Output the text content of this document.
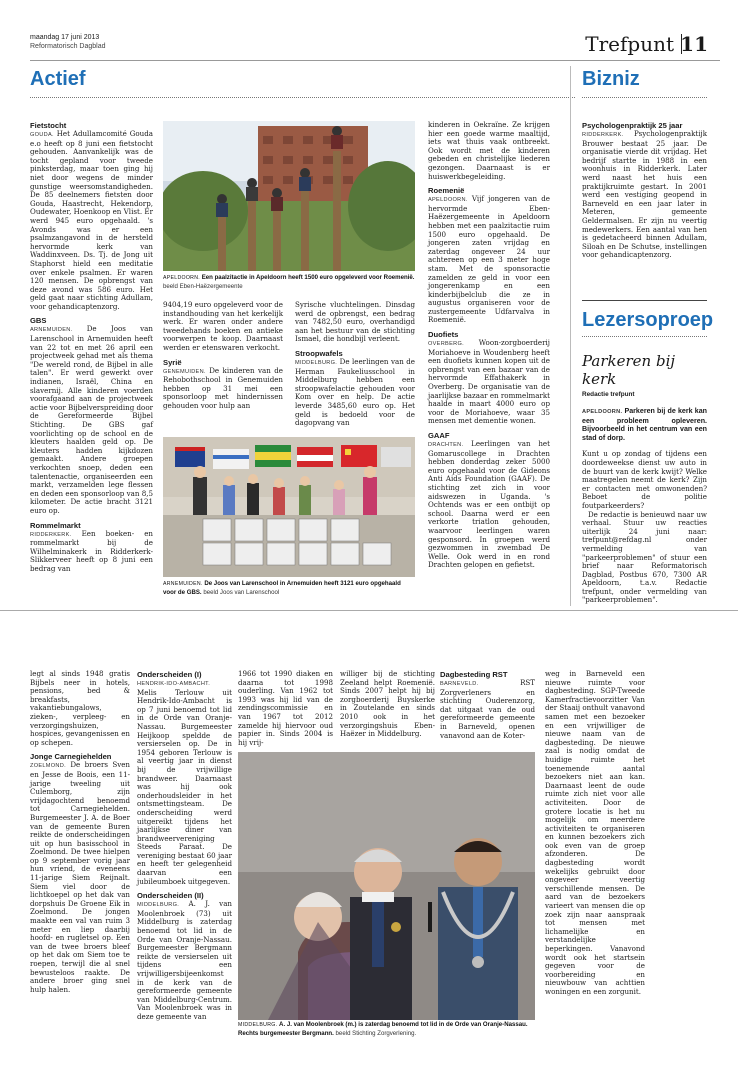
maandag 17 juni 2013
Reformatorisch Dagblad	Trefpunt 11
Actief
Fietstocht
GOUDA. Het Adullamcomité Gouda e.o heeft op 8 juni een fietstocht gehouden. Aanvankelijk was de tocht gepland voor tweede pinksterdag, maar toen ging hij niet door wegens de minder gunstige weersomstandigheden. De 85 deelnemers fietsten door Gouda, Haastrecht, Hekendorp, Oudewater, Hoenkoop en Vlist. Er werd 945 euro opgehaald. 's Avonds was er een psalmzangavond in de hersteld hervormde kerk van Waddinxveen. Ds. Tj. de Jong uit Staphorst hield een meditatie over enkele psalmen. Er waren 120 mensen. De opbrengst van deze avond was 586 euro. Het geld gaat naar stichting Adullam, voor gehandicaptenzorg.
GBS
ARNEMUIDEN. De Joos van Larenschool in Arnemuiden heeft van 22 tot en met 26 april een projectweek gehad met als thema "De wereld rond, de Bijbel in alle talen". Er werd gewerkt over indianen, Israël, China en slavernij. Alle kinderen voerden voorafgaand aan de projectweek actie voor Bijbelverspreiding door de Gereformeerde Bijbel Stichting. De GBS gaf voorlichting op de school en de kleuters haalden geld op. De kleuters hadden kijkdozen gemaakt. Andere groepen verkochten snoep, deden een talentenactie, organiseerden een markt, verzamelden lege flessen en deden een sponsorloop van 8,5 kilometer. De actie bracht 3121 euro op.
Rommelmarkt
RIDDERKERK. Een boeken- en rommelmarkt bij de Wilhelminakerk in Ridderkerk-Slikkerveer heeft op 8 juni een bedrag van
APELDOORN. Een paalzitactie in Apeldoorn heeft 1500 euro opgeleverd voor Roemenië. beeld Eben-Haëzergemeente
9404,19 euro opgeleverd voor de instandhouding van het kerkelijk werk. Er waren onder andere tweedehands boeken en antieke voorwerpen te koop. Daarnaast werden er etenswaren verkocht.
Syrië
GENEMUIDEN. De kinderen van de Rehobothschool in Genemuiden hebben op 31 mei een sponsorloop met hindernissen gehouden voor hulp aan
Syrische vluchtelingen. Dinsdag werd de opbrengst, een bedrag van 7482,50 euro, overhandigd aan het bestuur van de stichting Ismael, die hondbijl verleent.
Stroopwafels
MIDDELBURG. De leerlingen van de Herman Faukeliusschool in Middelburg hebben een stroopwafelactie gehouden voor Kom over en help. De actie leverde 3485,60 euro op. Het geld is bedoeld voor de dagopvang van
kinderen in Oekraïne. Ze krijgen hier een goede warme maaltijd, iets wat thuis vaak ontbreekt. Ook wordt met de kinderen gebeden en christelijke liederen gezongen. Daarnaast is er huiswerkbegeleiding.
Roemenië
APELDOORN. Vijf jongeren van de hervormde Eben-Haëzergemeente in Apeldoorn hebben met een paalzitactie ruim 1500 euro opgehaald. De jongeren zaten vrijdag en zaterdag ongeveer 24 uur achtereen op een 3 meter hoge stam. Met de sponsoractie zamelden ze geld in voor een jongerenkamp en een kinderbijbelclub die ze in augustus organiseren voor de zustergemeente Udfarvalva in Roemenië.
Duofiets
OVERBERG. Woon-zorgboerderij Moriahoeve in Woudenberg heeft een duofiets kunnen kopen uit de opbrengst van een bazaar van de hervormde Effathakerk in Overberg. De organisatie van de jaarlijkse bazaar en rommelmarkt haalde in maart 4000 euro op voor de Moriahoeve, waar 35 mensen met dementie wonen.
GAAF
DRACHTEN. Leerlingen van het Gomaruscollege in Drachten hebben donderdag zeker 5000 euro opgehaald voor de Gideons Anti Aids Foundation (GAAF). De stichting zet zich in voor aidswezen in Uganda. 's Ochtends was er een ontbijt op school. Daarna werd er een verkorte triatlon gehouden, waarvoor leerlingen waren gesponsord. In groepen werd gezwommen in zwembad De Welle. Ook werd in en rond Drachten gelopen en gefietst.
ARNEMUIDEN. De Joos van Larenschool in Arnemuiden heeft 3121 euro opgehaald voor de GBS. beeld Joos van Larenschool
Bizniz
Psychologenpraktijk 25 jaar
RIDDERKERK. Psychologenpraktijk Brouwer bestaat 25 jaar. De organisatie vierde dit vrijdag. Het bedrijf startte in 1988 in een woonhuis in Ridderkerk. Later werd naast het huis een praktijkruimte gestart. In 2001 werd een vestiging geopend in Barneveld en een jaar later in Meteren, gemeente Geldermalsen. Er zijn nu veertig medewerkers. Een aantal van hen is gedetacheerd binnen Adullam, Siloah en De Schutse, instellingen voor gehandicaptenzorg.
Lezersoproep
Parkeren bij kerk
Redactie trefpunt
APELDOORN. Parkeren bij de kerk kan een probleem opleveren. Bijvoorbeeld in het centrum van een stad of dorp.
Kunt u op zondag of tijdens een doordeweekse dienst uw auto in de buurt van de kerk kwijt? Welke maatregelen neemt de kerk? Zijn er contacten met omwonenden? Beboet de politie foutparkeerders?
De redactie is benieuwd naar uw verhaal. Stuur uw reacties uiterlijk 24 juni naar: trefpunt@refdag.nl onder vermelding van "parkeerproblemen" of stuur een brief naar Reformatorisch Dagblad, Postbus 670, 7300 AR Apeldoorn, t.a.v. Redactie trefpunt, onder vermelding van "parkeerproblemen".
legt al sinds 1948 gratis Bijbels neer in hotels, pensions, bed & breakfasts, vakantiebungalows, zieken-, verpleeg- en verzorgingshuizen, hospices, gevangenissen en op schepen.
Jonge Carnegiehelden
ZOELMOND. De broers Sven en Jesse de Boois, een 11-jarige tweeling uit Culemborg, zijn vrijdagochtend benoemd tot Carnegiehelden. Burgemeester J. A. de Boer van de gemeente Buren reikte de onderscheidingen uit op hun basisschool in Zoelmond. De twee hielpen op 9 september vorig jaar hun vriend, de eveneens 11-jarige Siem Reijnalt. Siem viel door de lichtkoepel op het dak van dorpshuis De Groene Eik in Zoelmond. De jongen maakte een val van ruim 3 meter en liep daarbij hoofd- en rugletsel op. Een van de twee broers bleef op het dak om Siem toe te roepen, terwijl die al snel bewusteloos raakte. De andere broer ging snel hulp halen.
Onderscheiden (I)
HENDRIK-IDO-AMBACHT. Melis Terlouw uit Hendrik-Ido-Ambacht is op 7 juni benoemd tot lid in de Orde van Oranje-Nassau. Burgemeester Heijkoop speldde de versierselen op. De in 1954 geboren Terlouw is al veertig jaar in dienst bij de vrijwillige brandweer. Daarnaast was hij ook onderhoudsleider in het ontsmettingsteam. De onderscheiding werd uitgereikt tijdens het jaarlijkse diner van brandweervereniging Steeds Paraat. De vereniging bestaat 60 jaar en heeft ter gelegenheid daarvan een jubileumboek uitgegeven.
Onderscheiden (II)
MIDDELBURG. A. J. van Moolenbroek (73) uit Middelburg is zaterdag benoemd tot lid in de Orde van Oranje-Nassau. Burgemeester Bergmann reikte de versierselen uit tijdens een vrijwilligersbijeenkomst in de kerk van de gereformeerde gemeente van Middelburg-Centrum. Van Moolenbroek was in deze gemeente van
1966 tot 1990 diaken en daarna tot 1998 ouderling. Van 1962 tot 1993 was hij lid van de zendingscommissie en van 1967 tot 2012 zamelde hij hiervoor oud papier in. Sinds 2004 is hij vrij-
williger bij de stichting Zeeland helpt Roemenië. Sinds 2007 helpt hij bij zorgboerderij Buyskerke in Zoutelande en sinds 2010 ook in het verzorgingshuis Eben-Haëzer in Middelburg.
Dagbesteding RST
BARNEVELD.	RST Zorgverleners en stichting Ouderenzorg, dat uitgaat van de oud gereformeerde gemeente in Barneveld, openen vanavond aan de Koter-
weg in Barneveld een nieuwe ruimte voor dagbesteding. SGP-Tweede Kamerfractievoorzitter Van der Staaij onthult vanavond samen met een bezoeker en een vrijwilliger de nieuwe naam van de dagbesteding. De nieuwe zaal is nodig omdat de huidige ruimte het toenemende aantal bezoekers niet aan kan. Daarnaast leent de oude ruimte zich niet voor alle activiteiten. Door de grotere locatie is het nu mogelijk om meerdere activiteiten te organiseren en kunnen bezoekers zich ook even van de groep afzonderen. De dagbesteding wordt wekelijks gebruikt door ongeveer veertig verschillende mensen. De aard van de bezoekers varieert van mensen die op zoek zijn naar aanspraak tot mensen met lichamelijke en verstandelijke beperkingen. Vanavond wordt ook het startsein gegeven voor de voorbereiding en nieuwbouw van achttien woningen en een zorgunit.
MIDDELBURG. A. J. van Moolenbroek (m.) is zaterdag benoemd tot lid in de Orde van Oranje-Nassau. Rechts burgemeester Bergmann. beeld Stichting Zorgverlening.
